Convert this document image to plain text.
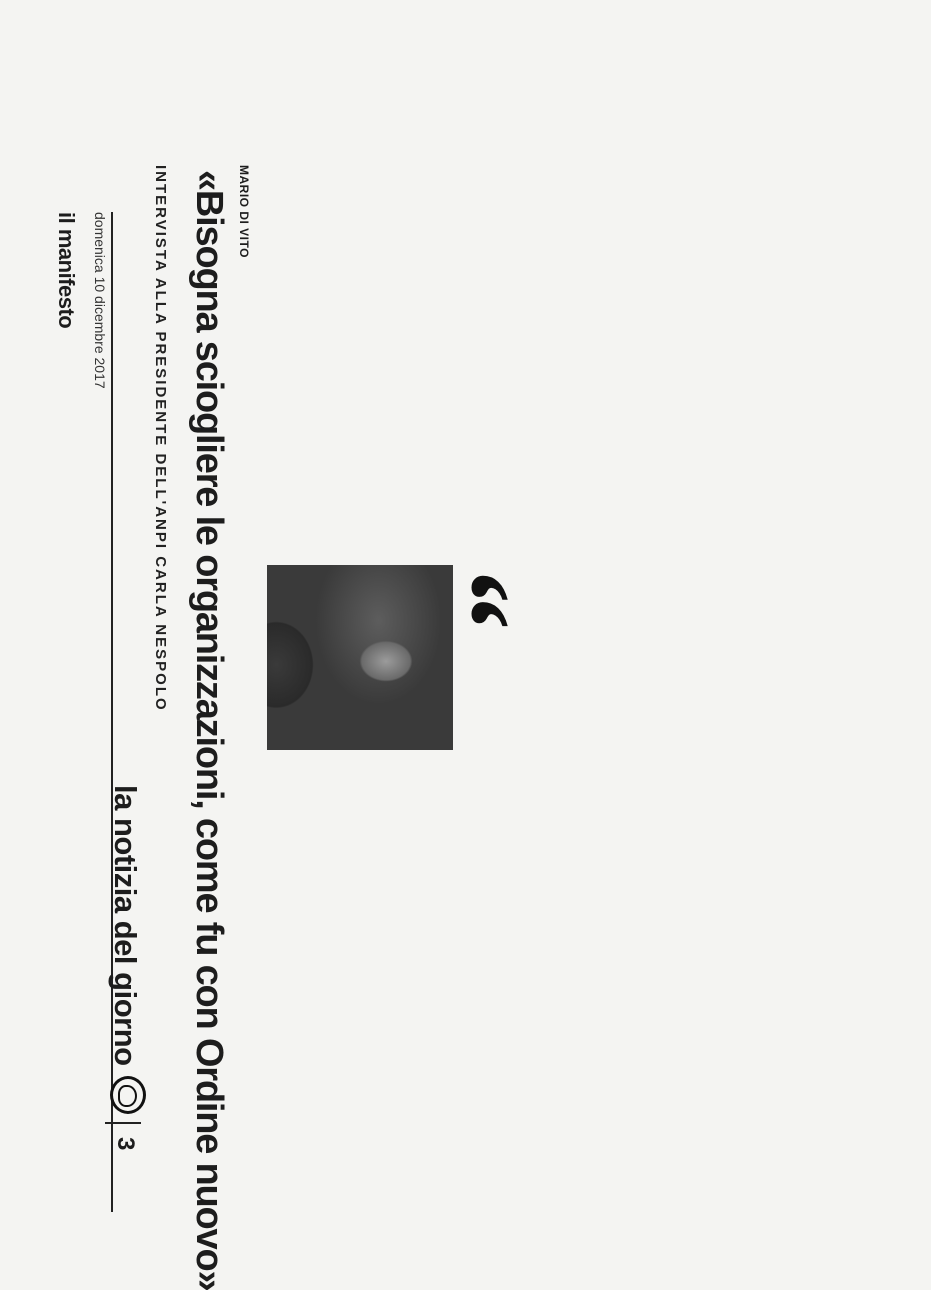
il manifesto domenica 10 dicembre 2017
la notizia del giorno
3
INTERVISTA ALLA PRESIDENTE DELL'ANPI CARLA NESPOLO «Bisogna sciogliere le organizzazioni, come fu con Ordine nuovo» MARIO DI VITO
“
